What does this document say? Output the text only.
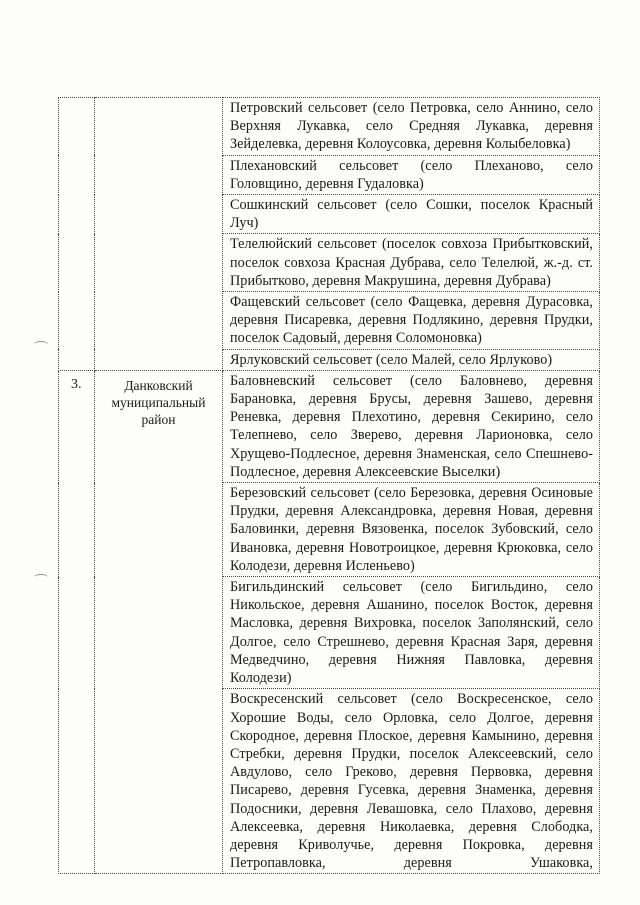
		Петровский сельсовет (село Петровка, село Аннино, село Верхняя Лукавка, село Средняя Лукавка, деревня Зейделевка, деревня Колоусовка, деревня Колыбеловка)
		Плехановский сельсовет (село Плеханово, село Головщино, деревня Гудаловка)
		Сошкинский сельсовет (село Сошки, поселок Красный Луч)
		Телелюйский сельсовет (поселок совхоза Прибытковский, поселок совхоза Красная Дубрава, село Телелюй, ж.-д. ст. Прибытково, деревня Макрушина, деревня Дубрава)
		Фащевский сельсовет (село Фащевка, деревня Дурасовка, деревня Писаревка, деревня Подлякино, деревня Прудки, поселок Садовый, деревня Соломоновка)
		Ярлуковский сельсовет (село Малей, село Ярлуково)
3.	Данковский муниципальный район	Баловневский сельсовет (село Баловнево, деревня Барановка, деревня Брусы, деревня Зашево, деревня Реневка, деревня Плехотино, деревня Секирино, село Телепнево, село Зверево, деревня Ларионовка, село Хрущево-Подлесное, деревня Знаменская, село Спешнево-Подлесное, деревня Алексеевские Выселки)
		Березовский сельсовет (село Березовка, деревня Осиновые Прудки, деревня Александровка, деревня Новая, деревня Баловинки, деревня Вязовенка, поселок Зубовский, село Ивановка, деревня Новотроицкое, деревня Крюковка, село Колодези, деревня Исленьево)
		Бигильдинский сельсовет (село Бигильдино, село Никольское, деревня Ашанино, поселок Восток, деревня Масловка, деревня Вихровка, поселок Заполянский, село Долгое, село Стрешнево, деревня Красная Заря, деревня Медведчино, деревня Нижняя Павловка, деревня Колодези)
		Воскресенский сельсовет (село Воскресенское, село Хорошие Воды, село Орловка, село Долгое, деревня Скородное, деревня Плоское, деревня Камынино, деревня Стребки, деревня Прудки, поселок Алексеевский, село Авдулово, село Греково, деревня Первовка, деревня Писарево, деревня Гусевка, деревня Знаменка, деревня Подосники, деревня Левашовка, село Плахово, деревня Алексеевка, деревня Николаевка, деревня Слободка, деревня Криволучье, деревня Покровка, деревня Петропавловка, деревня Ушаковка,
